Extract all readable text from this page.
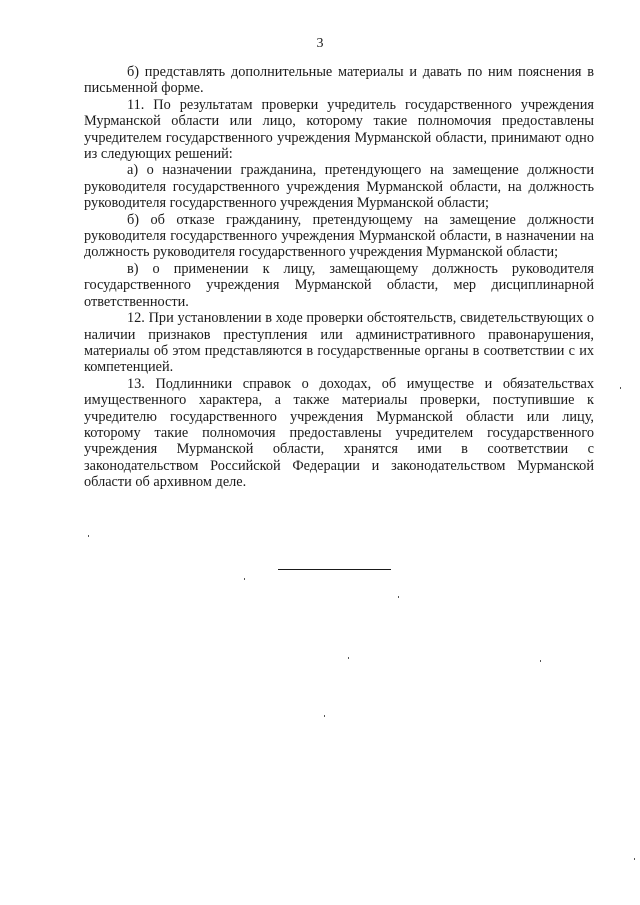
3

б) представлять дополнительные материалы и давать по ним пояснения в письменной форме.

11. По результатам проверки учредитель государственного учреждения Мурманской области или лицо, которому такие полномочия предоставлены учредителем государственного учреждения Мурманской области, принимают одно из следующих решений:

а) о назначении гражданина, претендующего на замещение должности руководителя государственного учреждения Мурманской области, на должность руководителя государственного учреждения Мурманской области;

б) об отказе гражданину, претендующему на замещение должности руководителя государственного учреждения Мурманской области, в назначении на должность руководителя государственного учреждения Мурманской области;

в) о применении к лицу, замещающему должность руководителя государственного учреждения Мурманской области, мер дисциплинарной ответственности.

12. При установлении в ходе проверки обстоятельств, свидетельствующих о наличии признаков преступления или административного правонарушения, материалы об этом представляются в государственные органы в соответствии с их компетенцией.

13. Подлинники справок о доходах, об имуществе и обязательствах имущественного характера, а также материалы проверки, поступившие к учредителю государственного учреждения Мурманской области или лицу, которому такие полномочия предоставлены учредителем государственного учреждения Мурманской области, хранятся ими в соответствии с законодательством Российской Федерации и законодательством Мурманской области об архивном деле.
